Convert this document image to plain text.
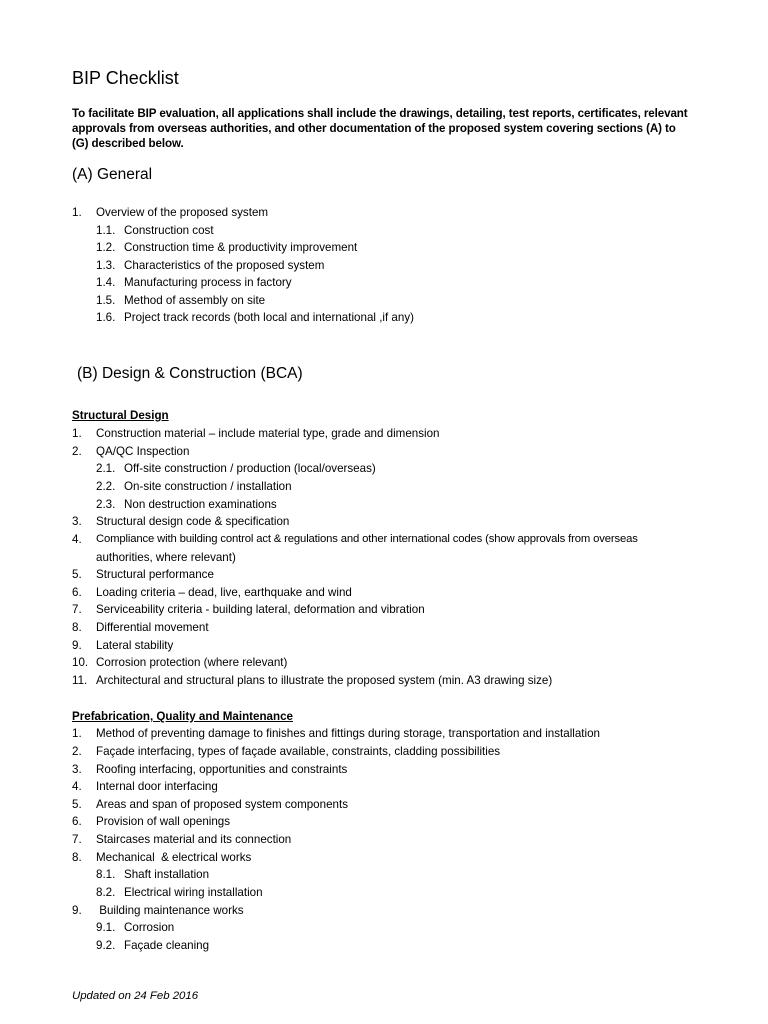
BIP Checklist
To facilitate BIP evaluation, all applications shall include the drawings, detailing, test reports, certificates, relevant approvals from overseas authorities, and other documentation of the proposed system covering sections (A) to (G) described below.
(A) General
1. Overview of the proposed system
1.1. Construction cost
1.2. Construction time & productivity improvement
1.3. Characteristics of the proposed system
1.4. Manufacturing process in factory
1.5. Method of assembly on site
1.6. Project track records (both local and international ,if any)
(B) Design & Construction (BCA)
Structural Design
1. Construction material – include material type, grade and dimension
2. QA/QC Inspection
2.1. Off-site construction / production (local/overseas)
2.2. On-site construction / installation
2.3. Non destruction examinations
3. Structural design code & specification
4. Compliance with building control act & regulations and other international codes (show approvals from overseas
authorities, where relevant)
5. Structural performance
6. Loading criteria – dead, live, earthquake and wind
7. Serviceability criteria - building lateral, deformation and vibration
8. Differential movement
9. Lateral stability
10. Corrosion protection (where relevant)
11. Architectural and structural plans to illustrate the proposed system (min. A3 drawing size)
Prefabrication, Quality and Maintenance
1. Method of preventing damage to finishes and fittings during storage, transportation and installation
2. Façade interfacing, types of façade available, constraints, cladding possibilities
3. Roofing interfacing, opportunities and constraints
4. Internal door interfacing
5. Areas and span of proposed system components
6. Provision of wall openings
7. Staircases material and its connection
8. Mechanical  & electrical works
8.1. Shaft installation
8.2. Electrical wiring installation
9. Building maintenance works
9.1. Corrosion
9.2. Façade cleaning
Updated on 24 Feb 2016
